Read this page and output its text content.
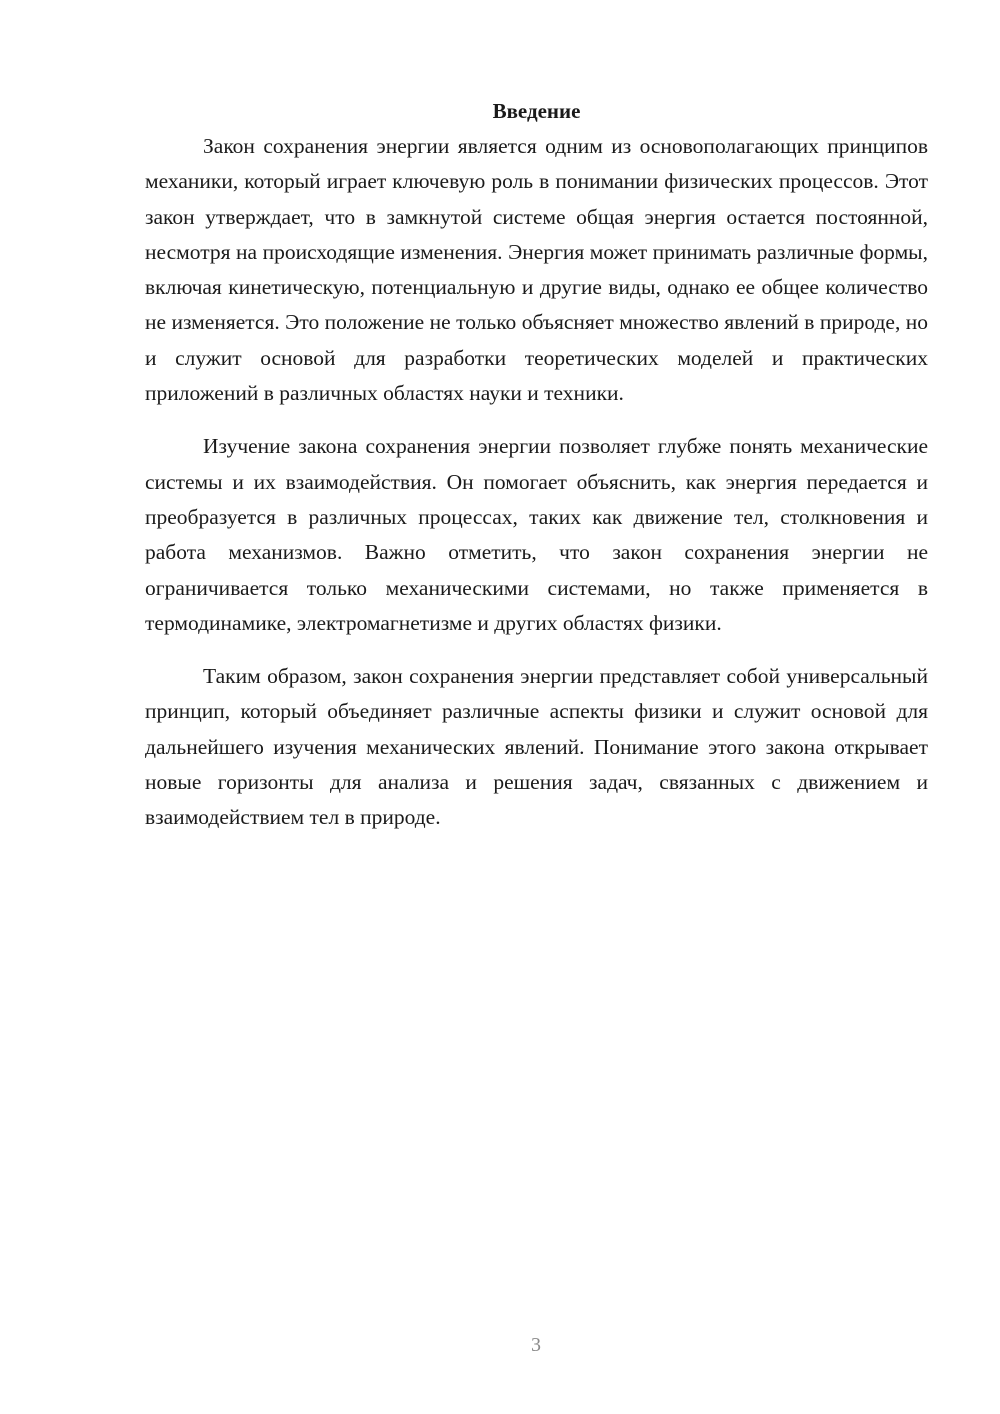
Введение

Закон сохранения энергии является одним из основополагающих принципов механики, который играет ключевую роль в понимании физических процессов. Этот закон утверждает, что в замкнутой системе общая энергия остается постоянной, несмотря на происходящие изменения. Энергия может принимать различные формы, включая кинетическую, потенциальную и другие виды, однако ее общее количество не изменяется. Это положение не только объясняет множество явлений в природе, но и служит основой для разработки теоретических моделей и практических приложений в различных областях науки и техники.

Изучение закона сохранения энергии позволяет глубже понять механические системы и их взаимодействия. Он помогает объяснить, как энергия передается и преобразуется в различных процессах, таких как движение тел, столкновения и работа механизмов. Важно отметить, что закон сохранения энергии не ограничивается только механическими системами, но также применяется в термодинамике, электромагнетизме и других областях физики.

Таким образом, закон сохранения энергии представляет собой универсальный принцип, который объединяет различные аспекты физики и служит основой для дальнейшего изучения механических явлений. Понимание этого закона открывает новые горизонты для анализа и решения задач, связанных с движением и взаимодействием тел в природе.

3
